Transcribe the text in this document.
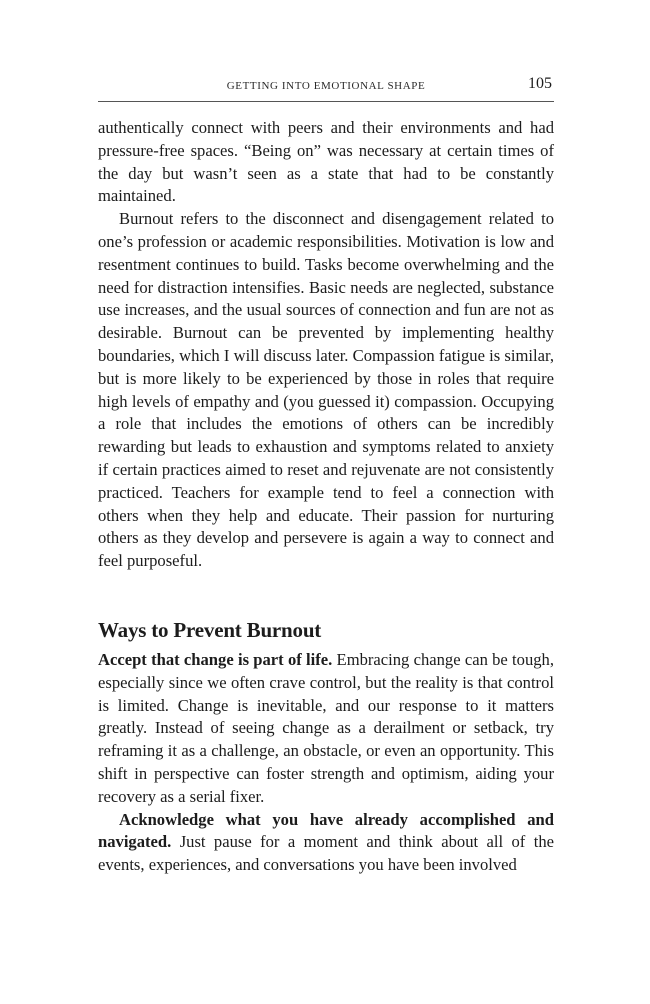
GETTING INTO EMOTIONAL SHAPE	105

authentically connect with peers and their environments and had pressure-free spaces. “Being on” was necessary at certain times of the day but wasn’t seen as a state that had to be constantly maintained.

Burnout refers to the disconnect and disengagement related to one’s profession or academic responsibilities. Motivation is low and resentment continues to build. Tasks become overwhelming and the need for distraction intensifies. Basic needs are neglected, substance use increases, and the usual sources of connection and fun are not as desirable. Burnout can be prevented by implementing healthy boundaries, which I will discuss later. Compassion fatigue is similar, but is more likely to be experienced by those in roles that require high levels of empathy and (you guessed it) compassion. Occupying a role that includes the emotions of others can be incredibly rewarding but leads to exhaustion and symptoms related to anxiety if certain practices aimed to reset and rejuvenate are not consistently practiced. Teachers for example tend to feel a connection with others when they help and educate. Their passion for nurturing others as they develop and persevere is again a way to connect and feel purposeful.

Ways to Prevent Burnout

Accept that change is part of life. Embracing change can be tough, especially since we often crave control, but the reality is that control is limited. Change is inevitable, and our response to it matters greatly. Instead of seeing change as a derailment or setback, try reframing it as a challenge, an obstacle, or even an opportunity. This shift in perspective can foster strength and optimism, aiding your recovery as a serial fixer.

Acknowledge what you have already accomplished and navigated. Just pause for a moment and think about all of the events, experiences, and conversations you have been involved
